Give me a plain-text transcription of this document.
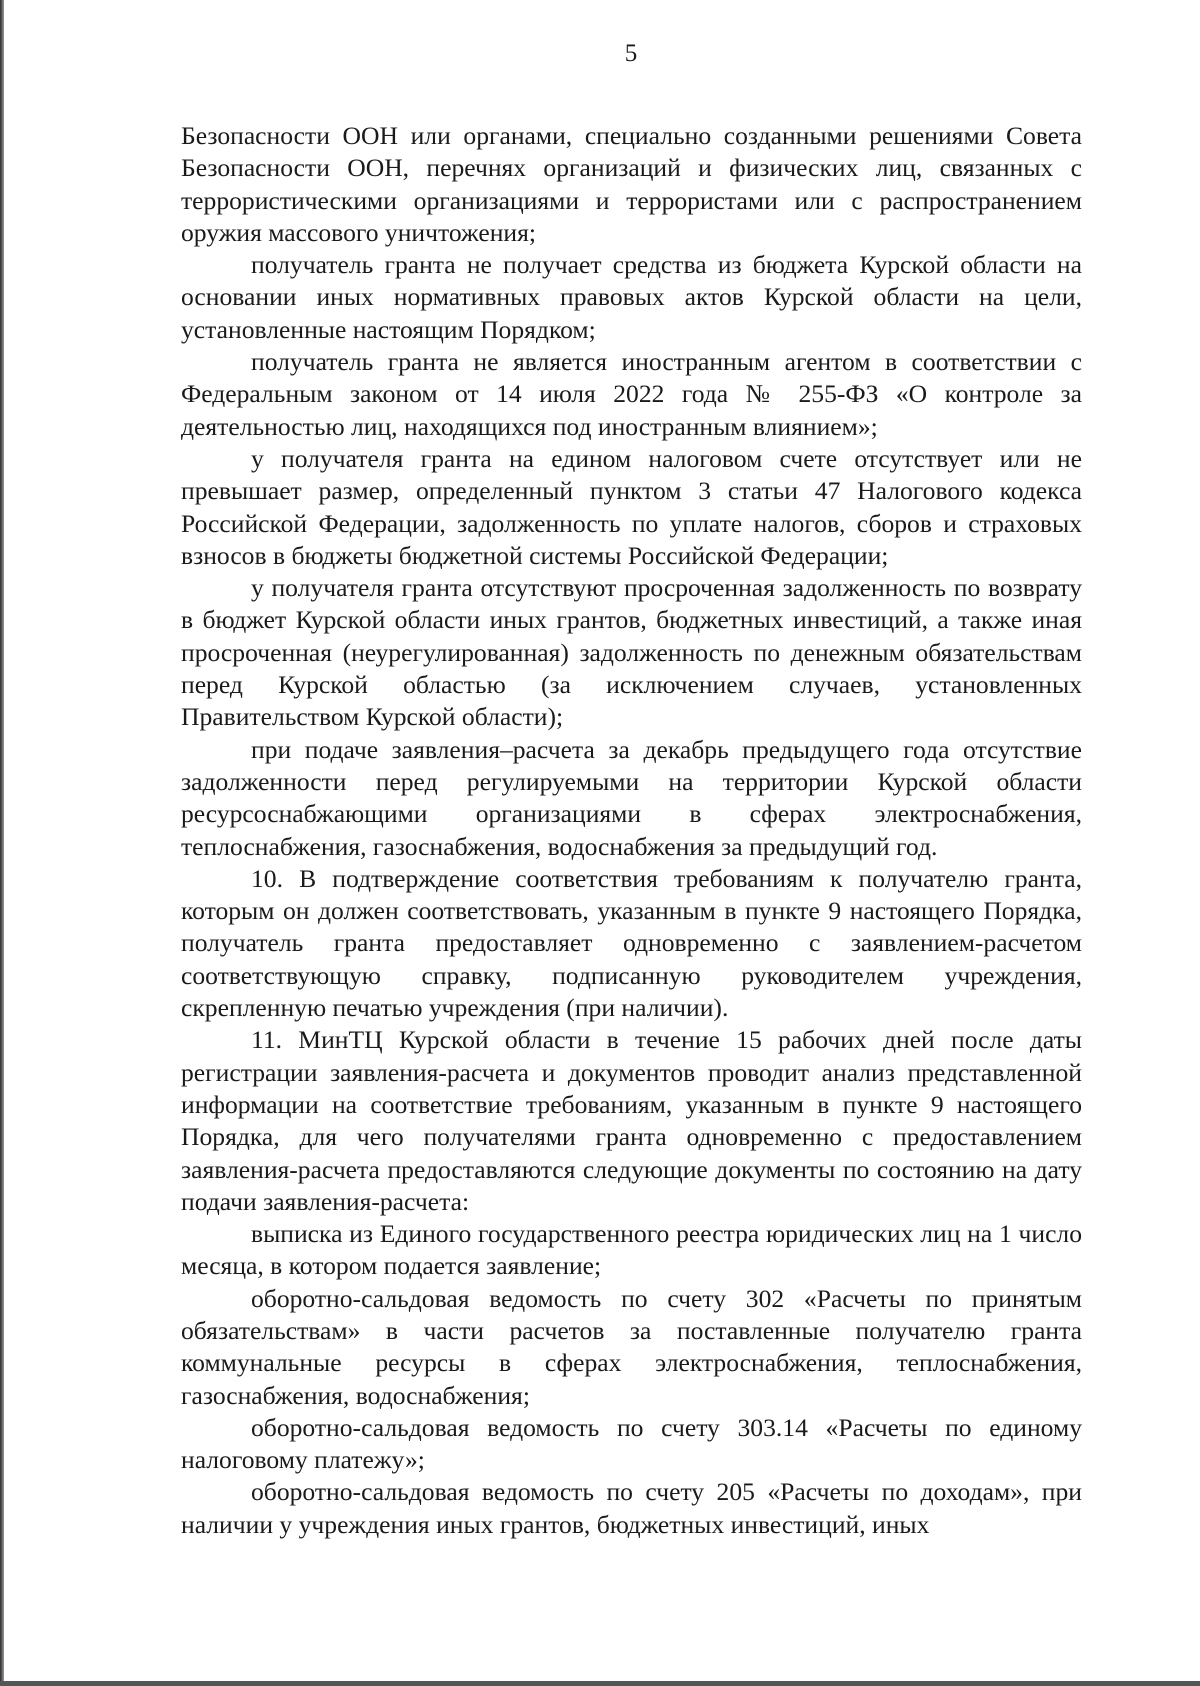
5

Безопасности ООН или органами, специально созданными решениями Совета Безопасности ООН, перечнях организаций и физических лиц, связанных с террористическими организациями и террористами или с распространением оружия массового уничтожения;

получатель гранта не получает средства из бюджета Курской области на основании иных нормативных правовых актов Курской области на цели, установленные настоящим Порядком;

получатель гранта не является иностранным агентом в соответствии с Федеральным законом от 14 июля 2022 года № 255-ФЗ «О контроле за деятельностью лиц, находящихся под иностранным влиянием»;

у получателя гранта на едином налоговом счете отсутствует или не превышает размер, определенный пунктом 3 статьи 47 Налогового кодекса Российской Федерации, задолженность по уплате налогов, сборов и страховых взносов в бюджеты бюджетной системы Российской Федерации;

у получателя гранта отсутствуют просроченная задолженность по возврату в бюджет Курской области иных грантов, бюджетных инвестиций, а также иная просроченная (неурегулированная) задолженность по денежным обязательствам перед Курской областью (за исключением случаев, установленных Правительством Курской области);

при подаче заявления–расчета за декабрь предыдущего года отсутствие задолженности перед регулируемыми на территории Курской области ресурсоснабжающими организациями в сферах электроснабжения, теплоснабжения, газоснабжения, водоснабжения за предыдущий год.

10. В подтверждение соответствия требованиям к получателю гранта, которым он должен соответствовать, указанным в пункте 9 настоящего Порядка, получатель гранта предоставляет одновременно с заявлением-расчетом соответствующую справку, подписанную руководителем учреждения, скрепленную печатью учреждения (при наличии).

11. МинТЦ Курской области в течение 15 рабочих дней после даты регистрации заявления-расчета и документов проводит анализ представленной информации на соответствие требованиям, указанным в пункте 9 настоящего Порядка, для чего получателями гранта одновременно с предоставлением заявления-расчета предоставляются следующие документы по состоянию на дату подачи заявления-расчета:

выписка из Единого государственного реестра юридических лиц на 1 число месяца, в котором подается заявление;

оборотно-сальдовая ведомость по счету 302 «Расчеты по принятым обязательствам» в части расчетов за поставленные получателю гранта коммунальные ресурсы в сферах электроснабжения, теплоснабжения, газоснабжения, водоснабжения;

оборотно-сальдовая ведомость по счету 303.14 «Расчеты по единому налоговому платежу»;

оборотно-сальдовая ведомость по счету 205 «Расчеты по доходам», при наличии у учреждения иных грантов, бюджетных инвестиций, иных
